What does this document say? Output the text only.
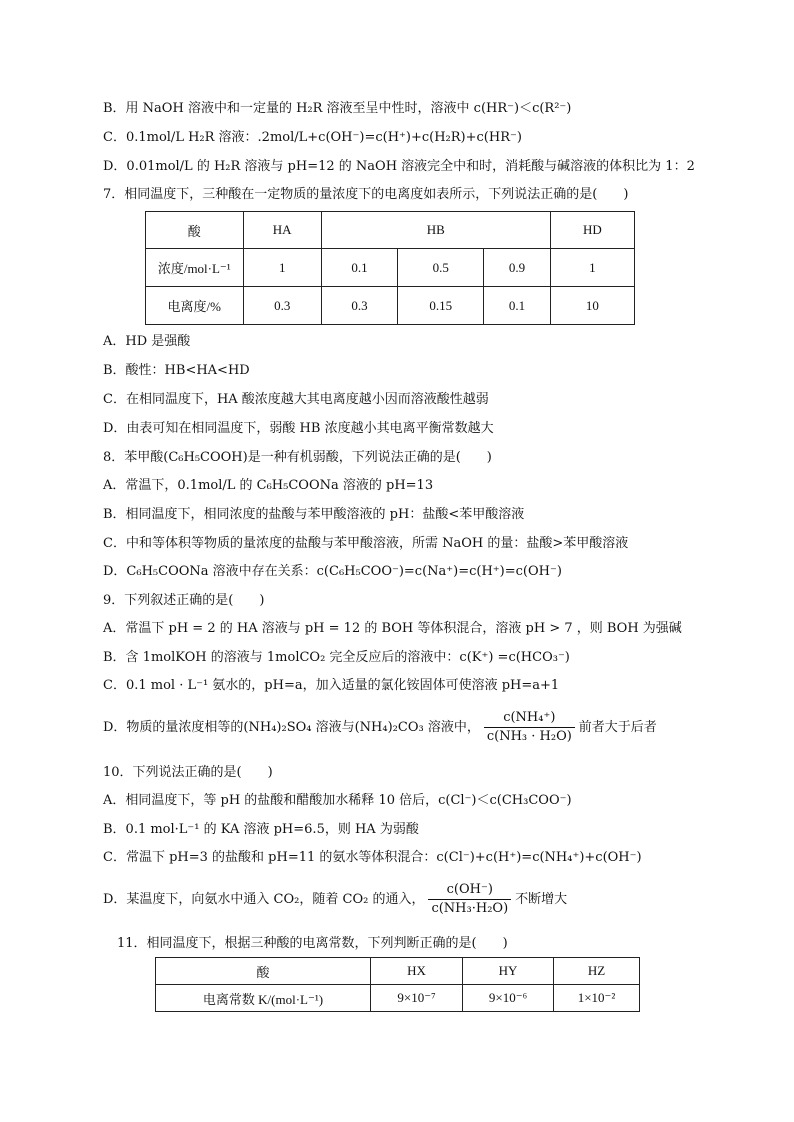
B．用 NaOH 溶液中和一定量的 H₂R 溶液至呈中性时，溶液中 c(HR⁻)＜c(R²⁻)
C．0.1mol/L H₂R 溶液：.2mol/L+c(OH⁻)=c(H⁺)+c(H₂R)+c(HR⁻)
D．0.01mol/L 的 H₂R 溶液与 pH=12 的 NaOH 溶液完全中和时，消耗酸与碱溶液的体积比为 1：2
7．相同温度下，三种酸在一定物质的量浓度下的电离度如表所示，下列说法正确的是(　　)
酸	HA	HB			HD
浓度/mol·L⁻¹	1	0.1	0.5	0.9	1
电离度/%	0.3	0.3	0.15	0.1	10
A．HD 是强酸
B．酸性：HB<HA<HD
C．在相同温度下，HA 酸浓度越大其电离度越小因而溶液酸性越弱
D．由表可知在相同温度下，弱酸 HB 浓度越小其电离平衡常数越大
8．苯甲酸(C₆H₅COOH)是一种有机弱酸，下列说法正确的是(　　)
A．常温下，0.1mol/L 的 C₆H₅COONa 溶液的 pH=13
B．相同温度下，相同浓度的盐酸与苯甲酸溶液的 pH：盐酸<苯甲酸溶液
C．中和等体积等物质的量浓度的盐酸与苯甲酸溶液，所需 NaOH 的量：盐酸>苯甲酸溶液
D．C₆H₅COONa 溶液中存在关系：c(C₆H₅COO⁻)=c(Na⁺)=c(H⁺)=c(OH⁻)
9．下列叙述正确的是(　　)
A．常温下 pH = 2 的 HA 溶液与 pH = 12 的 BOH 等体积混合，溶液 pH > 7 ，则 BOH 为强碱
B．含 1molKOH 的溶液与 1molCO₂ 完全反应后的溶液中：c(K⁺) =c(HCO₃⁻)
C．0.1 mol · L⁻¹ 氨水的，pH=a，加入适量的氯化铵固体可使溶液 pH=a+1
D．物质的量浓度相等的(NH₄)₂SO₄ 溶液与(NH₄)₂CO₃ 溶液中， $\frac{\text{c(NH₄⁺)}}{\text{c(NH₃ · H₂O)}}$ 前者大于后者
10．下列说法正确的是(　　)
A．相同温度下，等 pH 的盐酸和醋酸加水稀释 10 倍后，c(Cl⁻)＜c(CH₃COO⁻)
B．0.1 mol·L⁻¹ 的 KA 溶液 pH=6.5，则 HA 为弱酸
C．常温下 pH=3 的盐酸和 pH=11 的氨水等体积混合：c(Cl⁻)+c(H⁺)=c(NH₄⁺)+c(OH⁻)
D．某温度下，向氨水中通入 CO₂，随着 CO₂ 的通入， $\frac{c(OH^-)}{\text{c(NH₃·H₂O)}}$ 不断增大
11．相同温度下，根据三种酸的电离常数，下列判断正确的是(　　)
酸	HX	HY	HZ
电离常数 K/(mol·L⁻¹)	9×10⁻⁷	9×10⁻⁶	1×10⁻²
